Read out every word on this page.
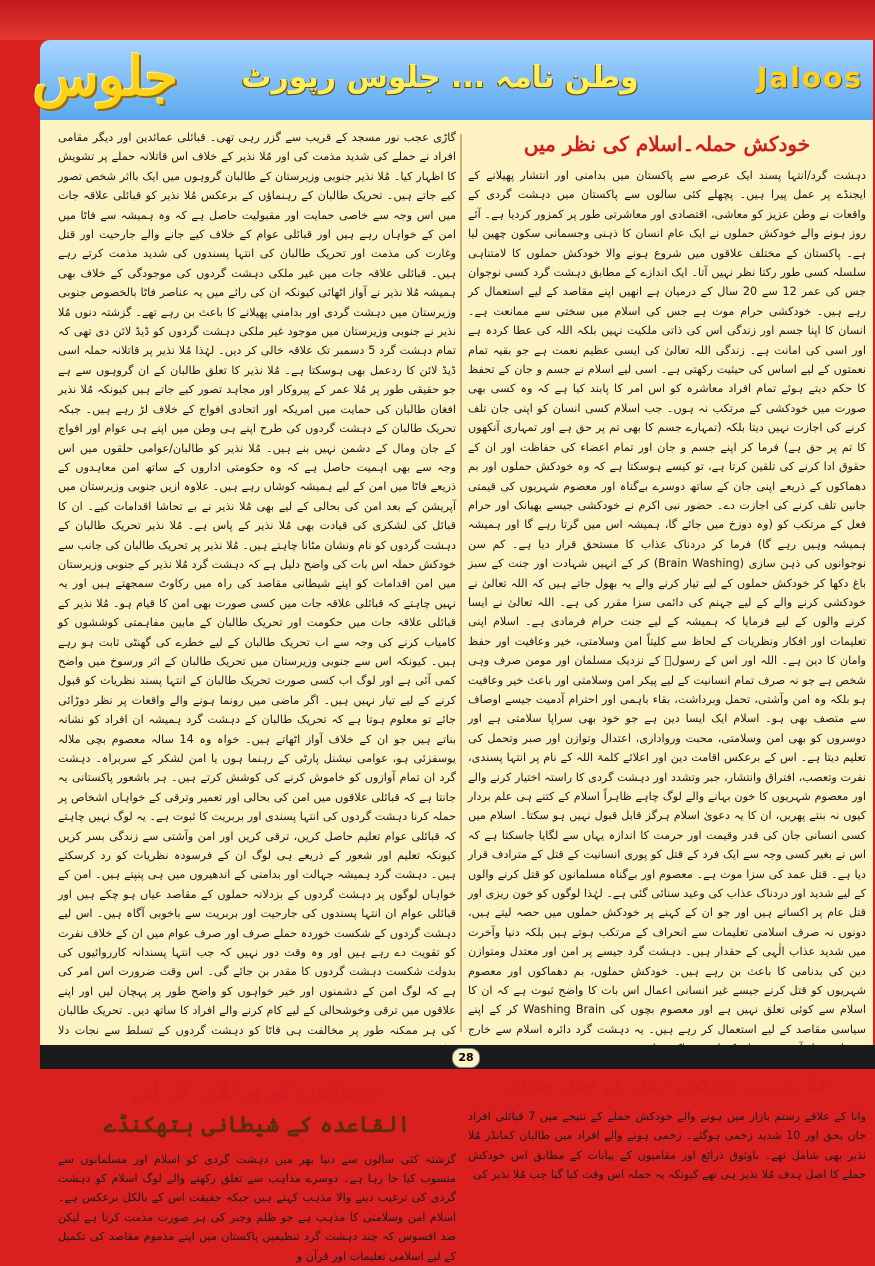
جلوس	وطن نامہ ... جلوس رپورٹ	Jaloos
خودکش حملہ۔اسلام کی نظر میں

دہشت گرد/انتہا پسند ایک عرصے سے پاکستان میں بدامنی اور انتشار پھیلانے کے ایجنڈے پر عمل پیرا ہیں۔ پچھلے کئی سالوں سے پاکستان میں دہشت گردی کے واقعات نے وطن عزیز کو معاشی، اقتصادی اور معاشرتی طور پر کمزور کردیا ہے۔ آئے روز ہونے والے خودکش حملوں نے ایک عام انسان کا ذہنی وجسمانی سکون چھین لیا ہے۔ پاکستان کے مختلف علاقوں میں شروع ہونے والا خودکش حملوں کا لامتناہی سلسلہ کسی طور رکتا نظر نہیں آتا۔ ایک اندازے کے مطابق دہشت گرد کسی نوجوان جس کی عمر 12 سے 20 سال کے درمیان ہے انھیں اپنے مقاصد کے لیے استعمال کر رہے ہیں۔ خودکشی حرام موت ہے جس کی اسلام میں سختی سے ممانعت ہے۔ انسان کا اپنا جسم اور زندگی اس کی ذاتی ملکیت نہیں بلکہ اللہ کی عطا کردہ ہے اور اسی کی امانت ہے۔ زندگی اللہ تعالیٰ کی ایسی عظیم نعمت ہے جو بقیہ تمام نعمتوں کے لیے اساس کی حیثیت رکھتی ہے۔ اسی لیے اسلام نے جسم و جان کے تحفظ کا حکم دیتے ہوئے تمام افراد معاشرہ کو اس امر کا پابند کیا ہے کہ وہ کسی بھی صورت میں خودکشی کے مرتکب نہ ہوں۔ جب اسلام کسی انسان کو اپنی جان تلف کرنے کی اجازت نہیں دیتا بلکہ (تمہارے جسم کا بھی تم پر حق ہے اور تمہاری آنکھوں کا تم پر حق ہے) فرما کر اپنے جسم و جان اور تمام اعضاء کی حفاظت اور ان کے حقوق ادا کرنے کی تلقین کرتا ہے، تو کیسے ہوسکتا ہے کہ وہ خودکش حملوں اور بم دھماکوں کے ذریعے اپنی جان کے ساتھ دوسرے بےگناہ اور معصوم شہریوں کی قیمتی جانیں تلف کرنے کی اجازت دے۔ حضور نبی اکرم نے خودکشی جیسے بھیانک اور حرام فعل کے مرتکب کو (وہ دوزخ میں جائے گا، ہمیشہ اس میں گرتا رہے گا اور ہمیشہ ہمیشہ وہیں رہے گا) فرما کر دردناک عذاب کا مستحق قرار دیا ہے۔ کم سن نوجوانوں کی ذہن سازی (Brain Washing) کر کے انہیں شہادت اور جنت کے سبز باغ دکھا کر خودکش حملوں کے لیے تیار کرنے والے یہ بھول جاتے ہیں کہ اللہ تعالیٰ نے خودکشی کرنے والے کے لیے جہنم کی دائمی سزا مقرر کی ہے۔ اللہ تعالیٰ نے ایسا کرنے والوں کے لیے فرمایا کہ ہمیشہ کے لیے جنت حرام فرمادی ہے۔ اسلام اپنی تعلیمات اور افکار ونظریات کے لحاظ سے کلیتاً امن وسلامتی، خیر وعافیت اور حفظ وامان کا دین ہے۔ اللہ اور اس کے رسولؐ کے نزدیک مسلمان اور مومن صرف وہی شخص ہے جو نہ صرف تمام انسانیت کے لیے پیکر امن وسلامتی اور باعث خیر وعافیت ہو بلکہ وہ امن وآشتی، تحمل وبرداشت، بقاء باہمی اور احترام آدمیت جیسے اوصاف سے متصف بھی ہو۔ اسلام ایک ایسا دین ہے جو خود بھی سراپا سلامتی ہے اور دوسروں کو بھی امن وسلامتی، محبت ورواداری، اعتدال وتوازن اور صبر وتحمل کی تعلیم دیتا ہے۔ اس کے برعکس اقامت دین اور اعلائے کلمۃ اللہ کے نام پر انتہا پسندی، نفرت وتعصب، افتراق وانتشار، جبر وتشدد اور دہشت گردی کا راستہ اختیار کرنے والے اور معصوم شہریوں کا خون بہانے والے لوگ چاہے ظاہراً اسلام کے کتنے ہی علم بردار کیوں نہ بنتے پھریں، ان کا یہ دعویٰ اسلام ہرگز قابل قبول نہیں ہو سکتا۔ اسلام میں کسی انسانی جان کی قدر وقیمت اور حرمت کا اندازہ یہاں سے لگایا جاسکتا ہے کہ اس نے بغیر کسی وجہ سے ایک فرد کے قتل کو پوری انسانیت کے قتل کے مترادف قرار دیا ہے۔ قتل عمد کی سزا موت ہے۔ معصوم اور بےگناہ مسلمانوں کو قتل کرنے والوں کے لیے شدید اور دردناک عذاب کی وعید سنائی گئی ہے۔ لہٰذا لوگوں کو خون ریزی اور قتل عام پر اکساتے ہیں اور جو ان کے کہنے پر خودکش حملوں میں حصہ لیتے ہیں، دونوں نہ صرف اسلامی تعلیمات سے انحراف کے مرتکب ہوتے ہیں بلکہ دنیا وآخرت میں شدید عذاب الٰہی کے حقدار ہیں۔ دہشت گرد جیسے پر امن اور معتدل ومتوازن دین کی بدنامی کا باعث بن رہے ہیں۔ خودکش حملوں، بم دھماکوں اور معصوم شہریوں کو قتل کرنے جیسے غیر انسانی اعمال اس بات کا واضح ثبوت ہے کہ ان کا اسلام سے کوئی تعلق نہیں ہے اور معصوم بچوں کی Washing Brain کر کے اپنے سیاسی مقاصد کے لیے استعمال کر رہے ہیں۔ یہ دہشت گرد دائرہ اسلام سے خارج

مُلا نذیر پر خودکش حملے کے اصل حقائق

وانا کے علاقے رستم بازار میں ہونے والے خودکش حملے کے نتیجے میں 7 قبائلی افراد جاں بحق اور 10 شدید زخمی ہوگئے۔ زخمی ہونے والے افراد میں طالبان کمانڈر مُلا نذیر بھی شامل تھے۔ باوثوق ذرائع اور مقامیوں کے بیانات کے مطابق اس خودکش حملے کا اصل ہدف مُلا نذیر ہی تھے کیونکہ یہ حملہ اس وقت کیا گیا جب مُلا نذیر کی

گاڑی عجب نور مسجد کے قریب سے گزر رہی تھی۔ قبائلی عمائدین اور دیگر مقامی افراد نے حملے کی شدید مذمت کی اور مُلا نذیر کے خلاف اس قاتلانہ حملے پر تشویش کا اظہار کیا۔ مُلا نذیر جنوبی وزیرستان کے طالبان گروہوں میں ایک بااثر شخص تصور کیے جاتے ہیں۔ تحریک طالبان کے رہنماؤں کے برعکس مُلا نذیر کو قبائلی علاقہ جات میں اس وجہ سے خاصی حمایت اور مقبولیت حاصل ہے کہ وہ ہمیشہ سے فاٹا میں امن کے خواہاں رہے ہیں اور قبائلی عوام کے خلاف کیے جانے والے جارحیت اور قتل وغارت کی مذمت اور تحریک طالبان کی انتہا پسندوں کی شدید مذمت کرتے رہے ہیں۔ قبائلی علاقہ جات میں غیر ملکی دہشت گردوں کی موجودگی کے خلاف بھی ہمیشہ مُلا نذیر نے آواز اٹھائی کیونکہ ان کی رائے میں یہ عناصر فاٹا بالخصوص جنوبی وزیرستان میں دہشت گردی اور بدامنی پھیلانے کا باعث بن رہے تھے۔ گزشتہ دنوں مُلا نذیر نے جنوبی وزیرستان میں موجود غیر ملکی دہشت گردوں کو ڈیڈ لائن دی تھی کہ تمام دہشت گرد 5 دسمبر تک علاقہ خالی کر دیں۔ لہٰذا مُلا نذیر پر قاتلانہ حملہ اسی ڈیڈ لائن کا ردعمل بھی ہوسکتا ہے۔ مُلا نذیر کا تعلق طالبان کے ان گروہوں سے ہے جو حقیقی طور پر مُلا عمر کے پیروکار اور مجاہد تصور کیے جاتے ہیں کیونکہ مُلا نذیر افغان طالبان کی حمایت میں امریکہ اور اتحادی افواج کے خلاف لڑ رہے ہیں۔ جبکہ تحریک طالبان کے دہشت گردوں کی طرح اپنے ہی وطن میں اپنے ہی عوام اور افواج کے جان ومال کے دشمن نہیں بنے ہیں۔ مُلا نذیر کو طالبان/عوامی حلقوں میں اس وجہ سے بھی اہمیت حاصل ہے کہ وہ حکومتی اداروں کے ساتھ امن معاہدوں کے ذریعے فاٹا میں امن کے لیے ہمیشہ کوشاں رہے ہیں۔ علاوہ ازیں جنوبی وزیرستان میں آپریشن کے بعد امن کی بحالی کے لیے بھی مُلا نذیر نے بے تحاشا اقدامات کیے۔ ان کا قبائل کی لشکری کی قیادت بھی مُلا نذیر کے پاس ہے۔ مُلا نذیر تحریک طالبان کے دہشت گردوں کو نام ونشان مٹانا چاہتے ہیں۔ مُلا نذیر پر تحریک طالبان کی جانب سے خودکش حملہ اس بات کی واضح دلیل ہے کہ دہشت گرد مُلا نذیر کے جنوبی وزیرستان میں امن اقدامات کو اپنے شیطانی مقاصد کی راہ میں رکاوٹ سمجھتے ہیں اور یہ نہیں چاہتے کہ قبائلی علاقہ جات میں کسی صورت بھی امن کا قیام ہو۔ مُلا نذیر کے قبائلی علاقہ جات میں حکومت اور تحریک طالبان کے مابین مفاہمتی کوششوں کو کامیاب کرنے کی وجہ سے اب تحریک طالبان کے لیے خطرے کی گھنٹی ثابت ہو رہے ہیں۔ کیونکہ اس سے جنوبی وزیرستان میں تحریک طالبان کے اثر ورسوخ میں واضح کمی آئی ہے اور لوگ اب کسی صورت تحریک طالبان کے انتہا پسند نظریات کو قبول کرنے کے لیے تیار نہیں ہیں۔ اگر ماضی میں رونما ہونے والے واقعات پر نظر دوڑائی جائے تو معلوم ہوتا ہے کہ تحریک طالبان کے دہشت گرد ہمیشہ ان افراد کو نشانہ بناتے ہیں جو ان کے خلاف آواز اٹھاتے ہیں۔ خواہ وہ 14 سالہ معصوم بچی ملالہ یوسفزئی ہو، عوامی نیشنل پارٹی کے رہنما ہوں یا امن لشکر کے سربراہ۔ دہشت گرد ان تمام آوازوں کو خاموش کرنے کی کوشش کرتے ہیں۔ ہر باشعور پاکستانی یہ جانتا ہے کہ قبائلی علاقوں میں امن کی بحالی اور تعمیر وترقی کے خواہاں اشخاص پر حملہ کرنا دہشت گردوں کی انتہا پسندی اور بربریت کا ثبوت ہے۔ یہ لوگ نہیں چاہتے کہ قبائلی عوام تعلیم حاصل کریں، ترقی کریں اور امن وآشتی سے زندگی بسر کریں کیونکہ تعلیم اور شعور کے ذریعے ہی لوگ ان کے فرسودہ نظریات کو رد کرسکتے ہیں۔ دہشت گرد ہمیشہ جہالت اور بدامنی کے اندھیروں میں ہی پنپتے ہیں۔ امن کے خواہاں لوگوں پر دہشت گردوں کے بزدلانہ حملوں کے مقاصد عیاں ہو چکے ہیں اور قبائلی عوام ان انتہا پسندوں کی جارحیت اور بربریت سے باخوبی آگاہ ہیں۔ اس لیے دہشت گردوں کے شکست خوردہ حملے صرف اور صرف عوام میں ان کے خلاف نفرت کو تقویت دے رہے ہیں اور وہ وقت دور نہیں کہ جب انتہا پسندانہ کارروائیوں کی بدولت شکست دہشت گردوں کا مقدر بن جائے گی۔ اس وقت ضرورت اس امر کی ہے کہ لوگ امن کے دشمنوں اور خیر خواہوں کو واضح طور پر پہچان لیں اور اپنے علاقوں میں ترقی وخوشحالی کے لیے کام کرنے والے افراد کا ساتھ دیں۔ تحریک طالبان کی ہر ممکنہ طور پر مخالفت ہی فاٹا کو دہشت گردوں کے تسلط سے نجات دلا

نوجوانوں کو ورغلانے کے لیے
القاعدہ کے شیطانی ہتھکنڈے

گزشتہ کئی سالوں سے دنیا بھر میں دہشت گردی کو اسلام اور مسلمانوں سے منسوب کیا جا رہا ہے۔ دوسرے مذاہب سے تعلق رکھنے والے لوگ اسلام کو دہشت گردی کی ترغیب دینے والا مذہب کہتے ہیں جبکہ حقیقت اس کے بالکل برعکس ہے۔ اسلام امن وسلامتی کا مذہب ہے جو ظلم وجبر کی ہر صورت مذمت کرتا ہے لیکن صد افسوس کہ چند دہشت گرد تنظیمیں پاکستان میں اپنے مذموم مقاصد کی تکمیل کے لیے اسلامی تعلیمات اور قرآن و

28
